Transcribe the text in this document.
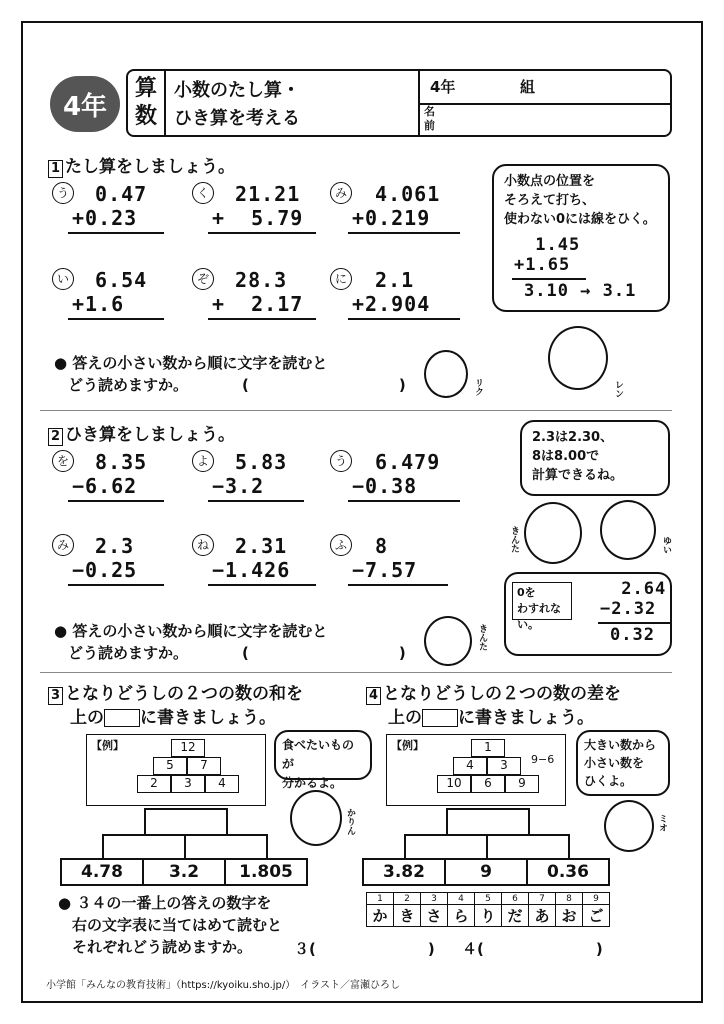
4年
算
数
小数のたし算・
ひき算を考える
4年	組
名
前
1 たし算をしましょう。
う 0.47
+0.23
く 21.21
+  5.79
み 4.061
+0.219
い 6.54
+1.6
ぞ 28.3
+  2.17
に 2.1
+2.904
小数点の位置を
そろえて打ち、
使わない0には線をひく。
1.45
+1.65
3.10 → 3.1
● 答えの小さい数から順に文字を読むと
どう読めますか。	(	)	リク	レン
2 ひき算をしましょう。
を 8.35
−6.62
よ 5.83
−3.2
う 6.479
−0.38
み 2.3
−0.25
ね 2.31
−1.426
ふ 8
−7.57
2.3は2.30、
8は8.00で
計算できるね。
きんた	ゆい
0を
わすれない。
2.64
−2.32
0.32
● 答えの小さい数から順に文字を読むと
どう読めますか。	(	)
きんた
3 となりどうしの２つの数の和を
上の に書きましょう。
【例】	12
5	7
2	3	4
食べたいものが
分かるよ。
かりん
4.78	3.2	1.805
4 となりどうしの２つの数の差を
上の に書きましょう。
【例】	1
4	3
10	6	9
9−6
大きい数から
小さい数を
ひくよ。
ミオ
3.82	9	0.36
● ３４の一番上の答えの数字を
右の文字表に当てはめて読むと
それぞれどう読めますか。
1	2	3	4	5	6	7	8	9
か	き	さ	ら	り	だ	あ	お	ご
３(	) ４(	)
小学館「みんなの教育技術」（https://kyoiku.sho.jp/）　イラスト／富瀬ひろし
